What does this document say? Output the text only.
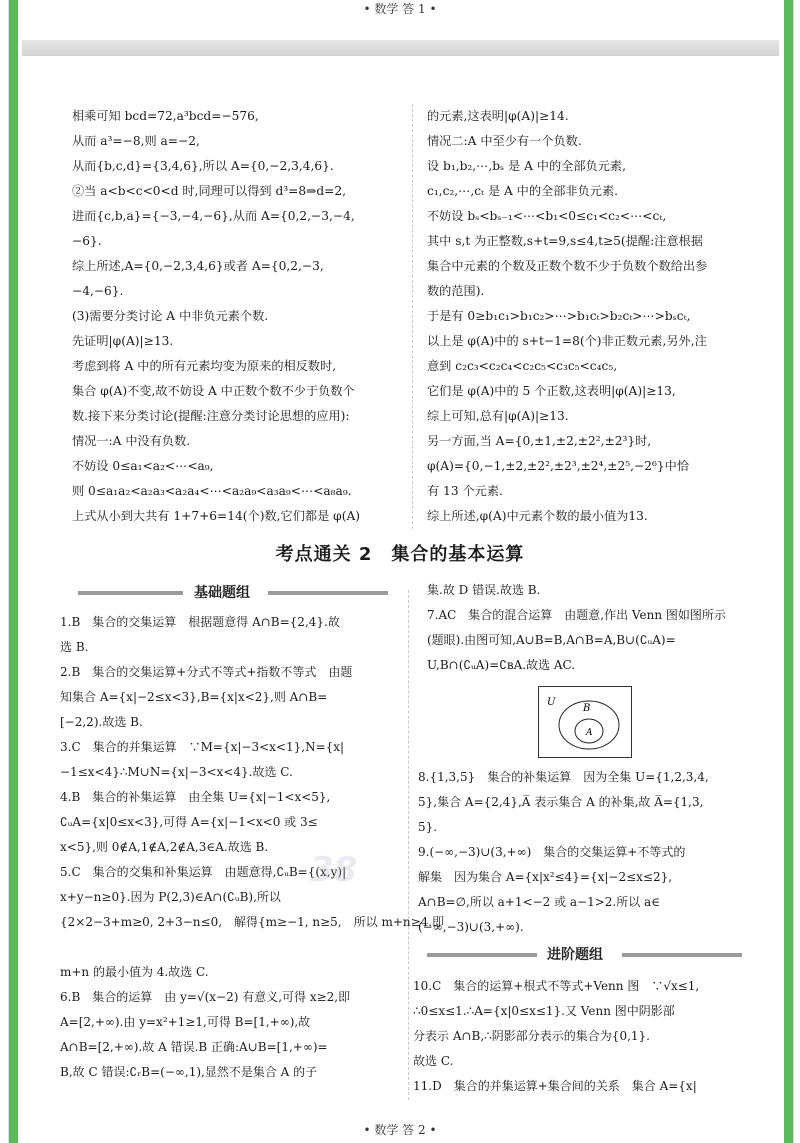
• 数学 答 1 •

相乘可知 bcd=72,a³bcd=−576,

从而 a³=−8,则 a=−2,

从而{b,c,d}={3,4,6},所以 A={0,−2,3,4,6}.

②当 a<b<c<0<d 时,同理可以得到 d³=8⇒d=2,

进而{c,b,a}={−3,−4,−6},从而 A={0,2,−3,−4,

−6}.

综上所述,A={0,−2,3,4,6}或者 A={0,2,−3,

−4,−6}.

(3)需要分类讨论 A 中非负元素个数.

先证明|φ(A)|≥13.

考虑到将 A 中的所有元素均变为原来的相反数时,

集合 φ(A)不变,故不妨设 A 中正数个数不少于负数个

数.接下来分类讨论(提醒:注意分类讨论思想的应用):

情况一:A 中没有负数.

不妨设 0≤a₁<a₂<⋯<a₉,

则 0≤a₁a₂<a₂a₃<a₂a₄<⋯<a₂a₉<a₃a₉<⋯<a₈a₉.

上式从小到大共有 1+7+6=14(个)数,它们都是 φ(A)

的元素,这表明|φ(A)|≥14.

情况二:A 中至少有一个负数.

设 b₁,b₂,⋯,bₛ 是 A 中的全部负元素,

c₁,c₂,⋯,cₜ 是 A 中的全部非负元素.

不妨设 bₛ<bₛ₋₁<⋯<b₁<0≤c₁<c₂<⋯<cₜ,

其中 s,t 为正整数,s+t=9,s≤4,t≥5(提醒:注意根据

集合中元素的个数及正数个数不少于负数个数给出参

数的范围).

于是有 0≥b₁c₁>b₁c₂>⋯>b₁cₜ>b₂cₜ>⋯>bₛcₜ,

以上是 φ(A)中的 s+t−1=8(个)非正数元素,另外,注

意到 c₂c₃<c₂c₄<c₂c₅<c₃c₅<c₄c₅,

它们是 φ(A)中的 5 个正数,这表明|φ(A)|≥13,

综上可知,总有|φ(A)|≥13.

另一方面,当 A={0,±1,±2,±2²,±2³}时,

φ(A)={0,−1,±2,±2²,±2³,±2⁴,±2⁵,−2⁶}中恰

有 13 个元素.

综上所述,φ(A)中元素个数的最小值为13.

考点通关 2　集合的基本运算
基础题组

1.B　集合的交集运算　根据题意得 A∩B={2,4}.故

选 B.

2.B　集合的交集运算+分式不等式+指数不等式　由题

知集合 A={x|−2≤x<3},B={x|x<2},则 A∩B=

[−2,2).故选 B.

3.C　集合的并集运算　∵M={x|−3<x<1},N={x|

−1≤x<4}∴M∪N={x|−3<x<4}.故选 C.

4.B　集合的补集运算　由全集 U={x|−1<x<5},

∁ᵤA={x|0≤x<3},可得 A={x|−1<x<0 或 3≤

x<5},则 0∉A,1∉A,2∉A,3∈A.故选 B.

5.C　集合的交集和补集运算　由题意得,∁ᵤB={(x,y)|

x+y−n≥0}.因为 P(2,3)∈A∩(∁ᵤB),所以

{2×2−3+m≥0, 2+3−n≤0,　解得{m≥−1, n≥5,　所以 m+n≥4.即

m+n 的最小值为 4.故选 C.

6.B　集合的运算　由 y=√(x−2) 有意义,可得 x≥2,即

A=[2,+∞).由 y=x²+1≥1,可得 B=[1,+∞),故

A∩B=[2,+∞).故 A 错误.B 正确:A∪B=[1,+∞)=

B,故 C 错误:∁ᵣB=(−∞,1),显然不是集合 A 的子

集.故 D 错误.故选 B.

7.AC　集合的混合运算　由题意,作出 Venn 图如图所示

(题眼).由图可知,A∪B=B,A∩B=A,B∪(∁ᵤA)=

U,B∩(∁ᵤA)=∁ʙA.故选 AC.

U
B
A

8.{1,3,5}　集合的补集运算　因为全集 U={1,2,3,4,

5},集合 A={2,4},A̅ 表示集合 A 的补集,故 A̅={1,3,

5}.

9.(−∞,−3)∪(3,+∞)　集合的交集运算+不等式的

解集　因为集合 A={x|x²≤4}={x|−2≤x≤2},

A∩B=∅,所以 a+1<−2 或 a−1>2.所以 a∈

(−∞,−3)∪(3,+∞).

进阶题组

10.C　集合的运算+根式不等式+Venn 图　∵√x≤1,

∴0≤x≤1.∴A={x|0≤x≤1}.又 Venn 图中阴影部

分表示 A∩B,∴阴影部分表示的集合为{0,1}.

故选 C.

11.D　集合的并集运算+集合间的关系　集合 A={x|

38
• 数学 答 2 •
